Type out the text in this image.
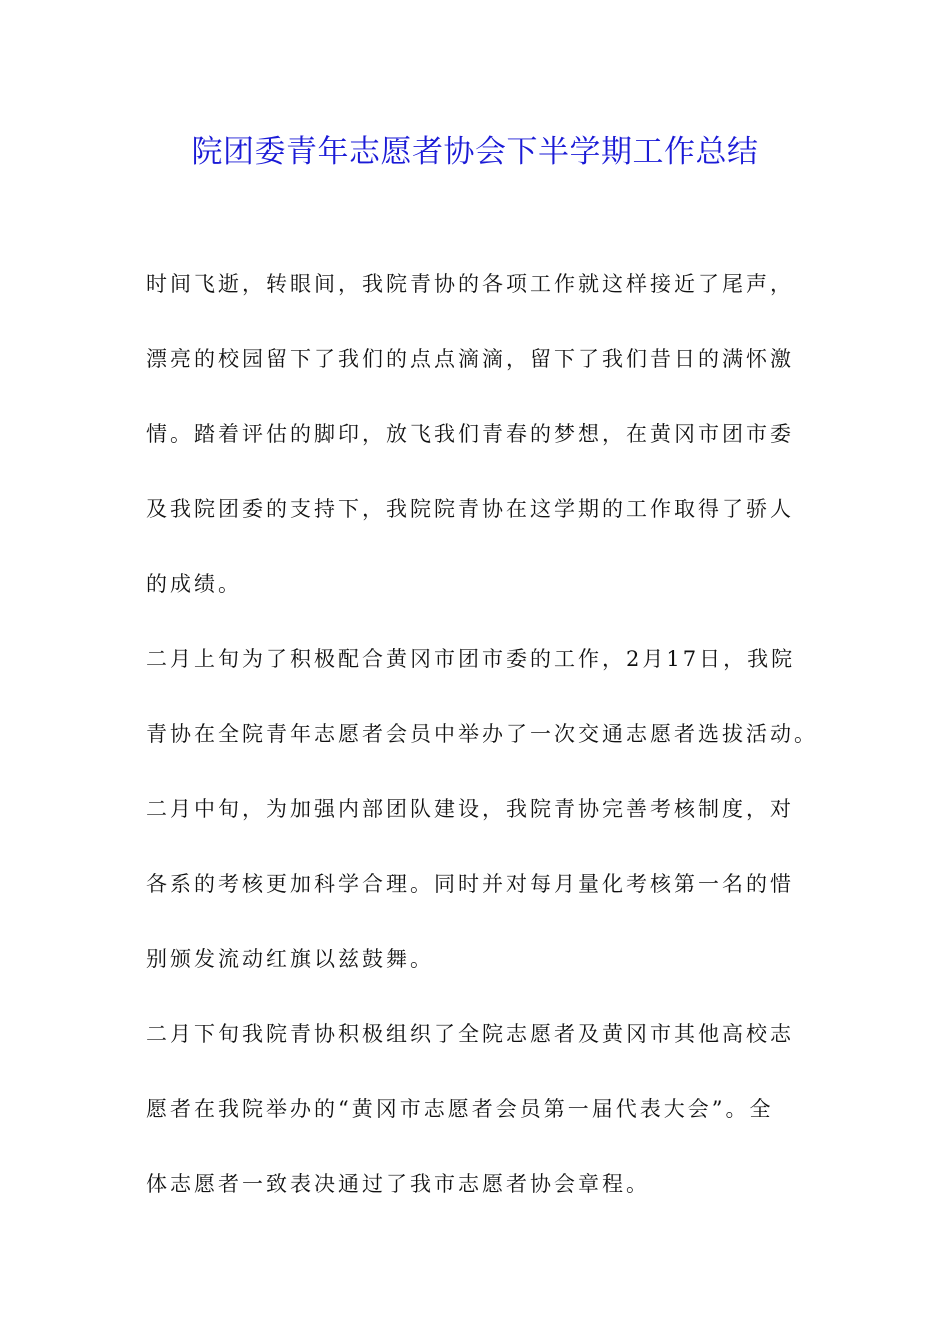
院团委青年志愿者协会下半学期工作总结
时间飞逝，转眼间，我院青协的各项工作就这样接近了尾声，
漂亮的校园留下了我们的点点滴滴，留下了我们昔日的满怀激
情。踏着评估的脚印，放飞我们青春的梦想，在黄冈市团市委
及我院团委的支持下，我院院青协在这学期的工作取得了骄人
的成绩。
二月上旬为了积极配合黄冈市团市委的工作，2月17日，我院
青协在全院青年志愿者会员中举办了一次交通志愿者选拔活动。
二月中旬，为加强内部团队建设，我院青协完善考核制度，对
各系的考核更加科学合理。同时并对每月量化考核第一名的惜
别颁发流动红旗以兹鼓舞。
二月下旬我院青协积极组织了全院志愿者及黄冈市其他高校志
愿者在我院举办的“黄冈市志愿者会员第一届代表大会”。全
体志愿者一致表决通过了我市志愿者协会章程。
